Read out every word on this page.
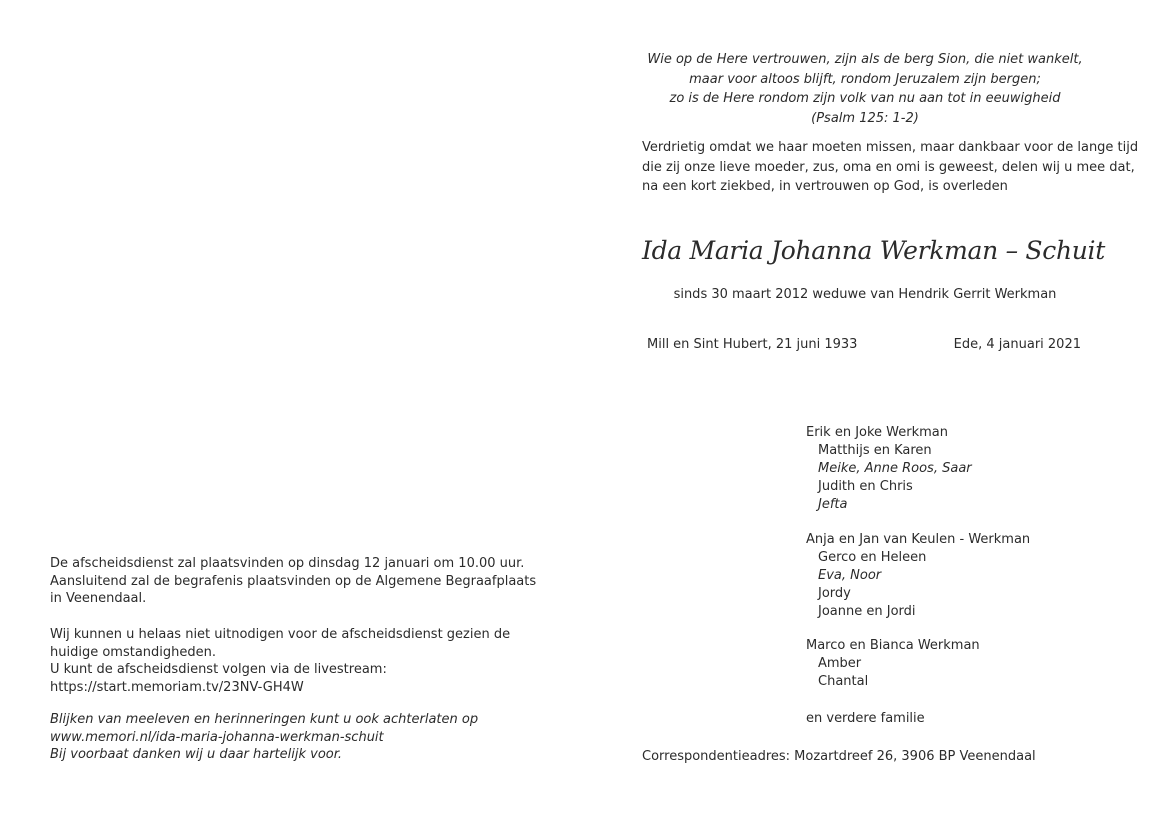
Wie op de Here vertrouwen, zijn als de berg Sion, die niet wankelt,
maar voor altoos blijft, rondom Jeruzalem zijn bergen;
zo is de Here rondom zijn volk van nu aan tot in eeuwigheid
(Psalm 125: 1-2)
Verdrietig omdat we haar moeten missen, maar dankbaar voor de lange tijd
die zij onze lieve moeder, zus, oma en omi is geweest, delen wij u mee dat,
na een kort ziekbed, in vertrouwen op God, is overleden
Ida Maria Johanna Werkman – Schuit
sinds 30 maart 2012 weduwe van Hendrik Gerrit Werkman
Mill en Sint Hubert, 21 juni 1933	Ede, 4 januari 2021
Erik en Joke Werkman
Matthijs en Karen
Meike, Anne Roos, Saar
Judith en Chris
Jefta
Anja en Jan van Keulen - Werkman
Gerco en Heleen
Eva, Noor
Jordy
Joanne en Jordi
Marco en Bianca Werkman
Amber
Chantal
en verdere familie
Correspondentieadres: Mozartdreef 26, 3906 BP Veenendaal
De afscheidsdienst zal plaatsvinden op dinsdag 12 januari om 10.00 uur.
Aansluitend zal de begrafenis plaatsvinden op de Algemene Begraafplaats
in Veenendaal.
Wij kunnen u helaas niet uitnodigen voor de afscheidsdienst gezien de
huidige omstandigheden.
U kunt de afscheidsdienst volgen via de livestream:
https://start.memoriam.tv/23NV-GH4W
Blijken van meeleven en herinneringen kunt u ook achterlaten op
www.memori.nl/ida-maria-johanna-werkman-schuit
Bij voorbaat danken wij u daar hartelijk voor.
